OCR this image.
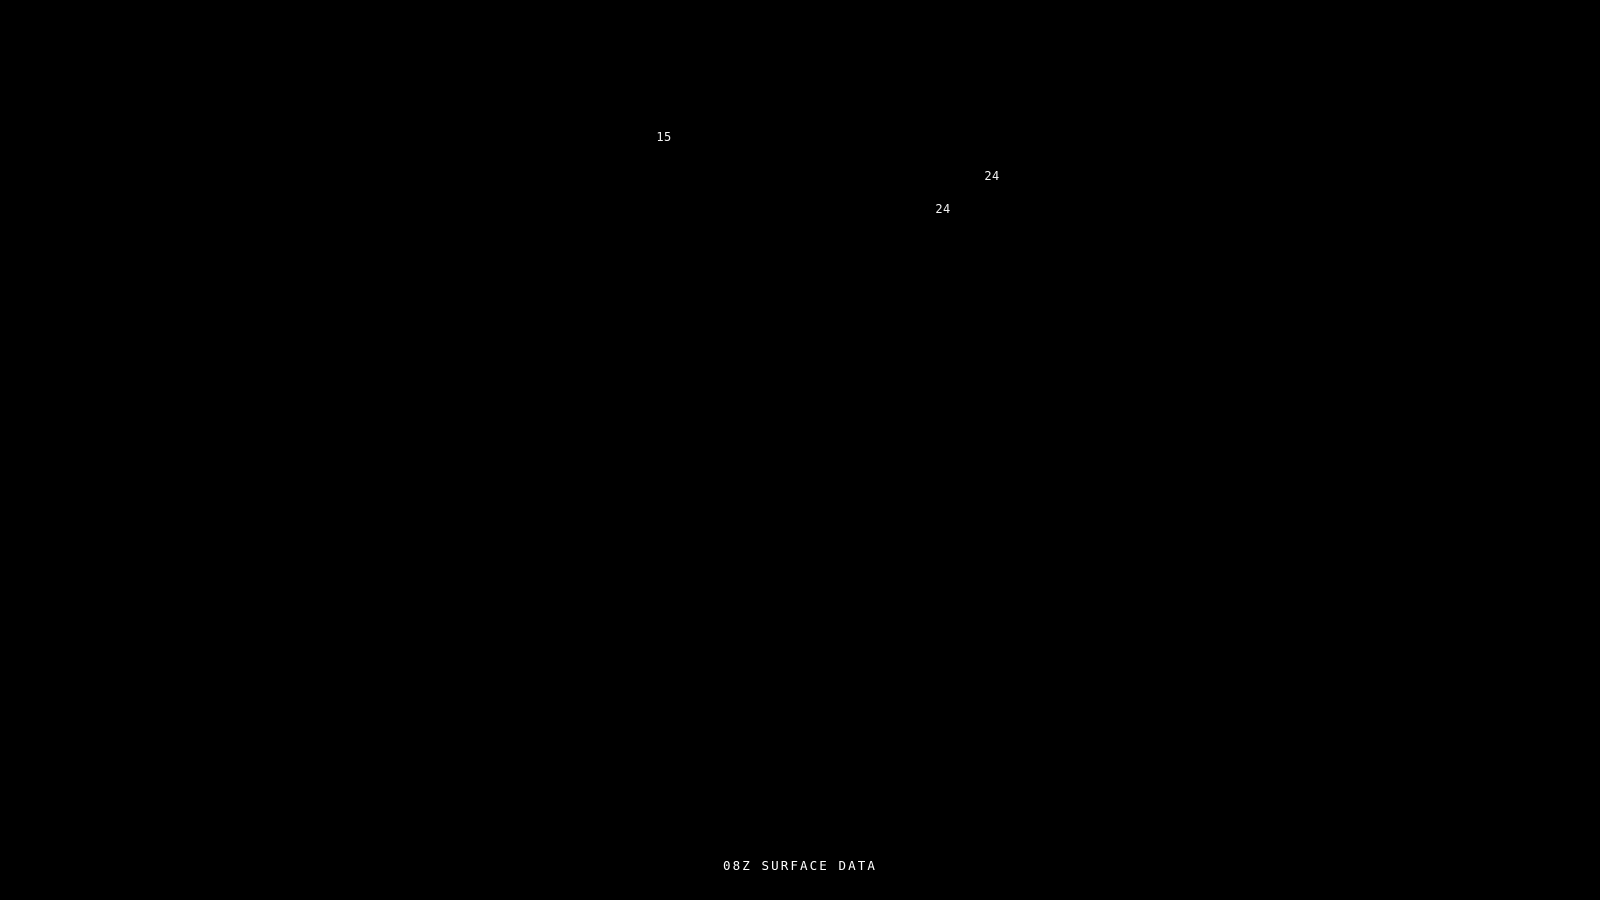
15
24
24
08Z SURFACE DATA
